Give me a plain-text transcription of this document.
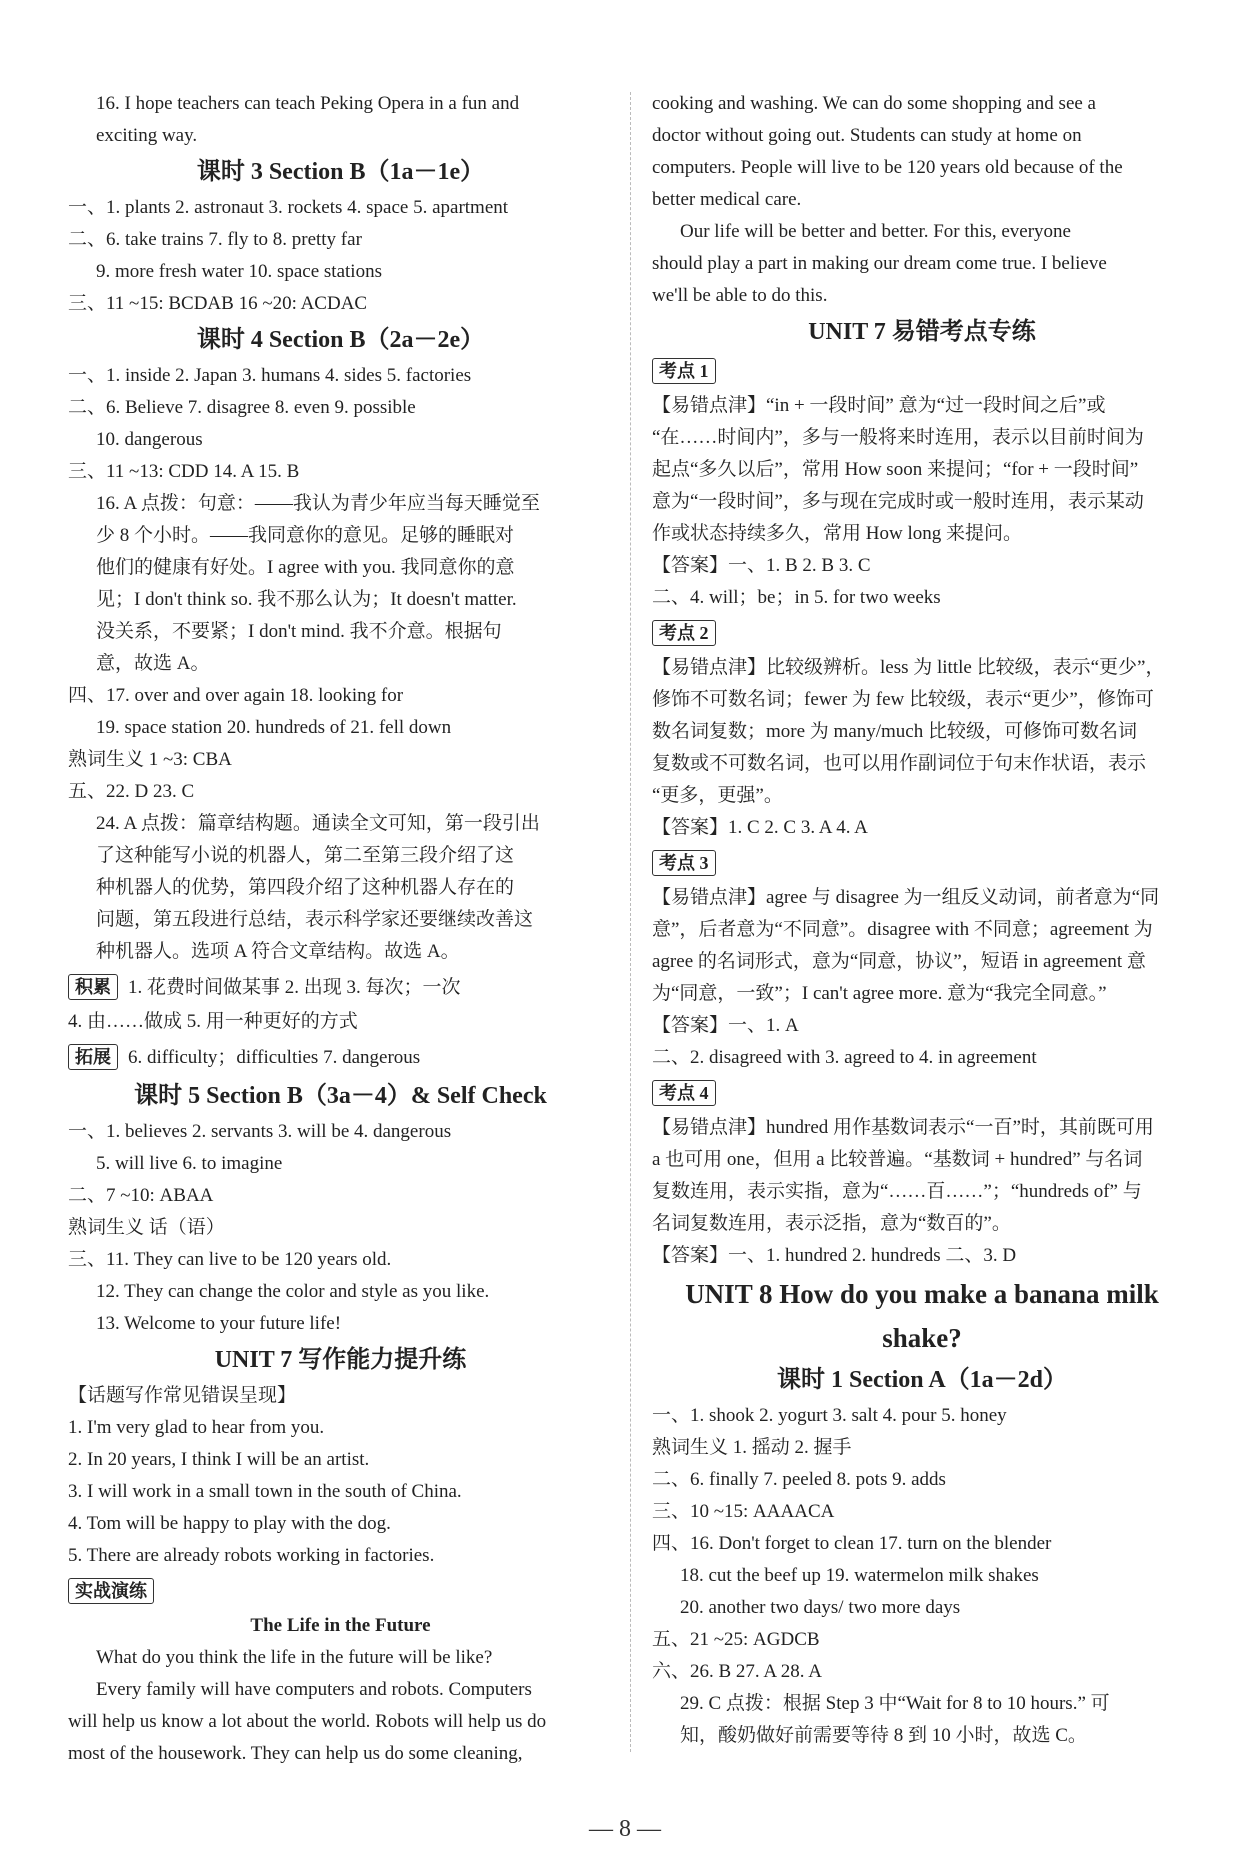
16. I hope teachers can teach Peking Opera in a fun and
exciting way.
课时 3 Section B（1a－1e）
一、1. plants 2. astronaut 3. rockets 4. space 5. apartment
二、6. take trains 7. fly to 8. pretty far
9. more fresh water 10. space stations
三、11 ~15: BCDAB 16 ~20: ACDAC
课时 4 Section B（2a－2e）
一、1. inside 2. Japan 3. humans 4. sides 5. factories
二、6. Believe 7. disagree 8. even 9. possible
10. dangerous
三、11 ~13: CDD 14. A 15. B
16. A 点拨：句意：——我认为青少年应当每天睡觉至
少 8 个小时。——我同意你的意见。足够的睡眠对
他们的健康有好处。I agree with you. 我同意你的意
见；I don't think so. 我不那么认为；It doesn't matter.
没关系，不要紧；I don't mind. 我不介意。根据句
意，故选 A。
四、17. over and over again 18. looking for
19. space station 20. hundreds of 21. fell down
熟词生义 1 ~3: CBA
五、22. D 23. C
24. A 点拨：篇章结构题。通读全文可知，第一段引出
了这种能写小说的机器人，第二至第三段介绍了这
种机器人的优势，第四段介绍了这种机器人存在的
问题，第五段进行总结，表示科学家还要继续改善这
种机器人。选项 A 符合文章结构。故选 A。
积累 1. 花费时间做某事 2. 出现 3. 每次；一次
4. 由……做成 5. 用一种更好的方式
拓展 6. difficulty；difficulties 7. dangerous
课时 5 Section B（3a－4）& Self Check
一、1. believes 2. servants 3. will be 4. dangerous
5. will live 6. to imagine
二、7 ~10: ABAA
熟词生义 话（语）
三、11. They can live to be 120 years old.
12. They can change the color and style as you like.
13. Welcome to your future life!
UNIT 7 写作能力提升练
【话题写作常见错误呈现】
1. I'm very glad to hear from you.
2. In 20 years, I think I will be an artist.
3. I will work in a small town in the south of China.
4. Tom will be happy to play with the dog.
5. There are already robots working in factories.
实战演练
The Life in the Future
What do you think the life in the future will be like?
Every family will have computers and robots. Computers
will help us know a lot about the world. Robots will help us do
most of the housework. They can help us do some cleaning,
cooking and washing. We can do some shopping and see a
doctor without going out. Students can study at home on
computers. People will live to be 120 years old because of the
better medical care.
Our life will be better and better. For this, everyone
should play a part in making our dream come true. I believe
we'll be able to do this.
UNIT 7 易错考点专练
考点 1
【易错点津】“in + 一段时间” 意为“过一段时间之后”或
“在……时间内”，多与一般将来时连用，表示以目前时间为
起点“多久以后”，常用 How soon 来提问；“for + 一段时间”
意为“一段时间”，多与现在完成时或一般时连用，表示某动
作或状态持续多久，常用 How long 来提问。
【答案】一、1. B 2. B 3. C
二、4. will；be；in 5. for two weeks
考点 2
【易错点津】比较级辨析。less 为 little 比较级，表示“更少”，
修饰不可数名词；fewer 为 few 比较级，表示“更少”，修饰可
数名词复数；more 为 many/much 比较级，可修饰可数名词
复数或不可数名词，也可以用作副词位于句末作状语，表示
“更多，更强”。
【答案】1. C 2. C 3. A 4. A
考点 3
【易错点津】agree 与 disagree 为一组反义动词，前者意为“同
意”，后者意为“不同意”。disagree with 不同意；agreement 为
agree 的名词形式，意为“同意，协议”，短语 in agreement 意
为“同意，一致”；I can't agree more. 意为“我完全同意。”
【答案】一、1. A
二、2. disagreed with 3. agreed to 4. in agreement
考点 4
【易错点津】hundred 用作基数词表示“一百”时，其前既可用
a 也可用 one，但用 a 比较普遍。“基数词 + hundred” 与名词
复数连用，表示实指，意为“……百……”；“hundreds of” 与
名词复数连用，表示泛指，意为“数百的”。
【答案】一、1. hundred 2. hundreds 二、3. D
UNIT 8 How do you make a banana milk
shake?
课时 1 Section A（1a－2d）
一、1. shook 2. yogurt 3. salt 4. pour 5. honey
熟词生义 1. 摇动 2. 握手
二、6. finally 7. peeled 8. pots 9. adds
三、10 ~15: AAAACA
四、16. Don't forget to clean 17. turn on the blender
18. cut the beef up 19. watermelon milk shakes
20. another two days/ two more days
五、21 ~25: AGDCB
六、26. B 27. A 28. A
29. C 点拨：根据 Step 3 中“Wait for 8 to 10 hours.” 可
知，酸奶做好前需要等待 8 到 10 小时，故选 C。
— 8 —
